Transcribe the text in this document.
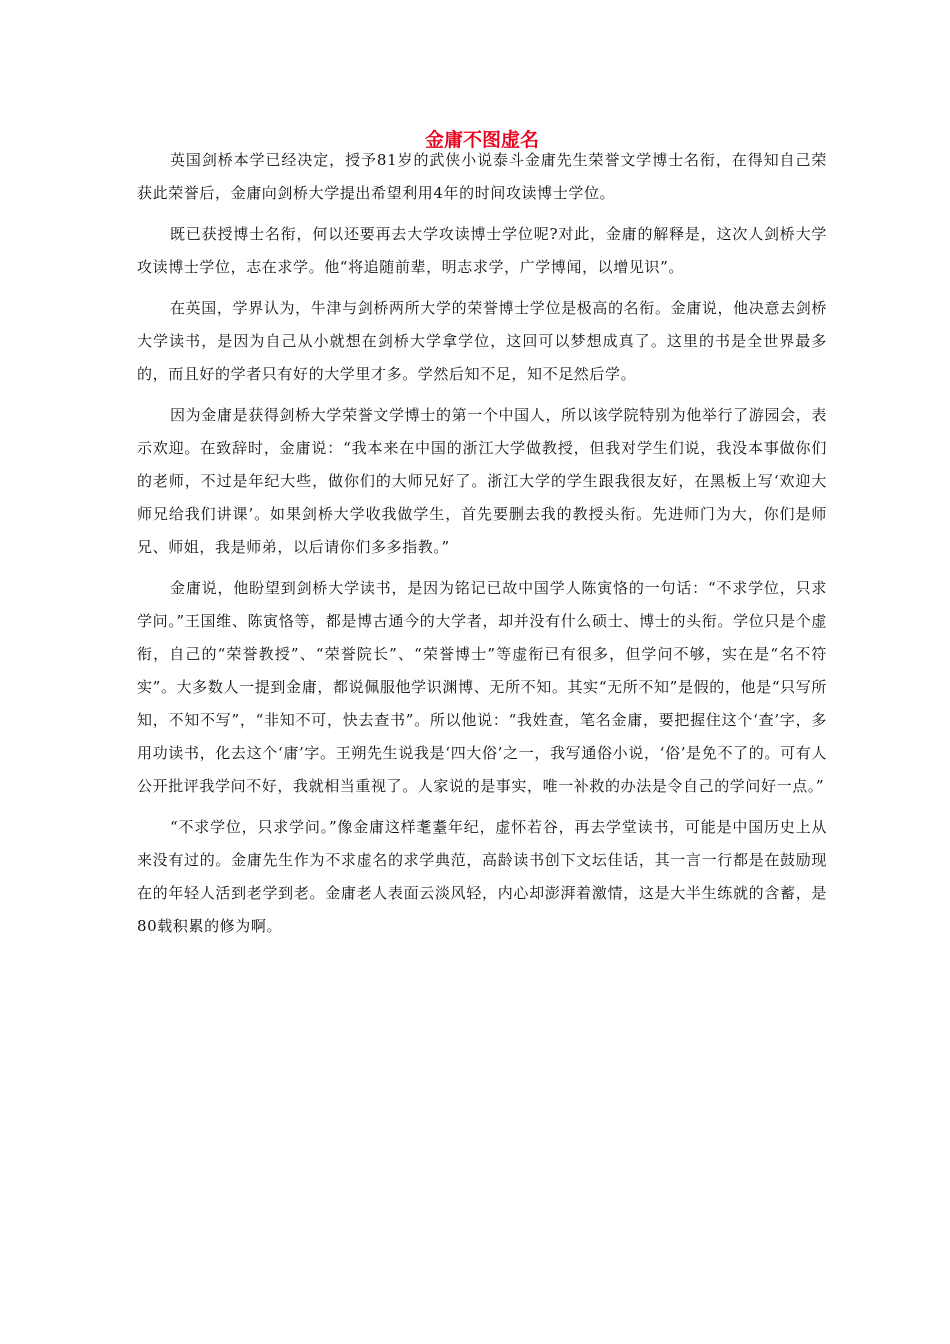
金庸不图虚名

英国剑桥本学已经决定，授予81岁的武侠小说泰斗金庸先生荣誉文学博士名衔，在得知自己荣获此荣誉后，金庸向剑桥大学提出希望利用4年的时间攻读博士学位。

既已获授博士名衔，何以还要再去大学攻读博士学位呢?对此，金庸的解释是，这次人剑桥大学攻读博士学位，志在求学。他“将追随前辈，明志求学，广学博闻，以增见识”。

在英国，学界认为，牛津与剑桥两所大学的荣誉博士学位是极高的名衔。金庸说，他决意去剑桥大学读书，是因为自己从小就想在剑桥大学拿学位，这回可以梦想成真了。这里的书是全世界最多的，而且好的学者只有好的大学里才多。学然后知不足，知不足然后学。

因为金庸是获得剑桥大学荣誉文学博士的第一个中国人，所以该学院特别为他举行了游园会，表示欢迎。在致辞时，金庸说：“我本来在中国的浙江大学做教授，但我对学生们说，我没本事做你们的老师，不过是年纪大些，做你们的大师兄好了。浙江大学的学生跟我很友好，在黑板上写‘欢迎大师兄给我们讲课’。如果剑桥大学收我做学生，首先要删去我的教授头衔。先进师门为大，你们是师兄、师姐，我是师弟，以后请你们多多指教。”

金庸说，他盼望到剑桥大学读书，是因为铭记已故中国学人陈寅恪的一句话：“不求学位，只求学问。”王国维、陈寅恪等，都是博古通今的大学者，却并没有什么硕士、博士的头衔。学位只是个虚衔，自己的“荣誉教授”、“荣誉院长”、“荣誉博士”等虚衔已有很多，但学问不够，实在是“名不符实”。大多数人一提到金庸，都说佩服他学识渊博、无所不知。其实“无所不知”是假的，他是“只写所知，不知不写”，“非知不可，快去查书”。所以他说：“我姓查，笔名金庸，要把握住这个‘查’字，多用功读书，化去这个‘庸’字。王朔先生说我是‘四大俗’之一，我写通俗小说，‘俗’是免不了的。可有人公开批评我学问不好，我就相当重视了。人家说的是事实，唯一补救的办法是令自己的学问好一点。”

“不求学位，只求学问。”像金庸这样耄耋年纪，虚怀若谷，再去学堂读书，可能是中国历史上从来没有过的。金庸先生作为不求虚名的求学典范，高龄读书创下文坛佳话，其一言一行都是在鼓励现在的年轻人活到老学到老。金庸老人表面云淡风轻，内心却澎湃着激情，这是大半生练就的含蓄，是80载积累的修为啊。
